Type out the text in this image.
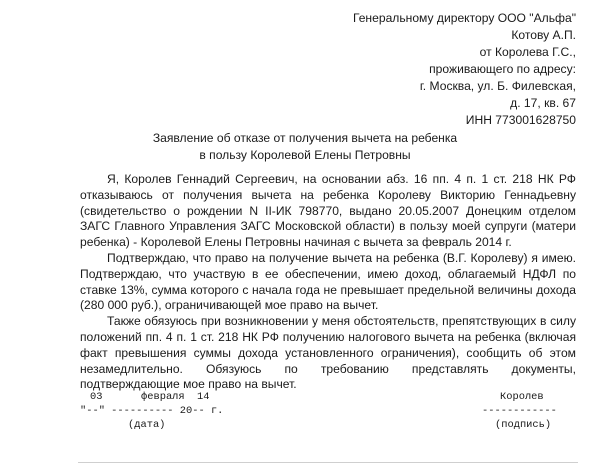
Генеральному директору ООО "Альфа"
Котову А.П.
от Королева Г.С.,
проживающего по адресу:
г. Москва, ул. Б. Филевская,
д. 17, кв. 67
ИНН 773001628750
Заявление об отказе от получения вычета на ребенка
в пользу Королевой Елены Петровны

Я, Королев Геннадий Сергеевич, на основании абз. 16 пп. 4 п. 1 ст. 218 НК РФ отказываюсь от получения вычета на ребенка Королеву Викторию Геннадьевну (свидетельство о рождении N II-ИК 798770, выдано 20.05.2007 Донецким отделом ЗАГС Главного Управления ЗАГС Московской области) в пользу моей супруги (матери ребенка) - Королевой Елены Петровны начиная с вычета за февраль 2014 г.

Подтверждаю, что право на получение вычета на ребенка (В.Г. Королеву) я имею. Подтверждаю, что участвую в ее обеспечении, имею доход, облагаемый НДФЛ по ставке 13%, сумма которого с начала года не превышает предельной величины дохода (280 000 руб.), ограничивающей мое право на вычет.

Также обязуюсь при возникновении у меня обстоятельств, препятствующих в силу положений пп. 4 п. 1 ст. 218 НК РФ получению налогового вычета на ребенка (включая факт превышения суммы дохода установленного ограничения), сообщить об этом незамедлительно. Обязуюсь по требованию представлять документы, подтверждающие мое право на вычет.

03	февраля 14
"--" ---------- 20-- г.
(дата)
Королев
------------
(подпись)
